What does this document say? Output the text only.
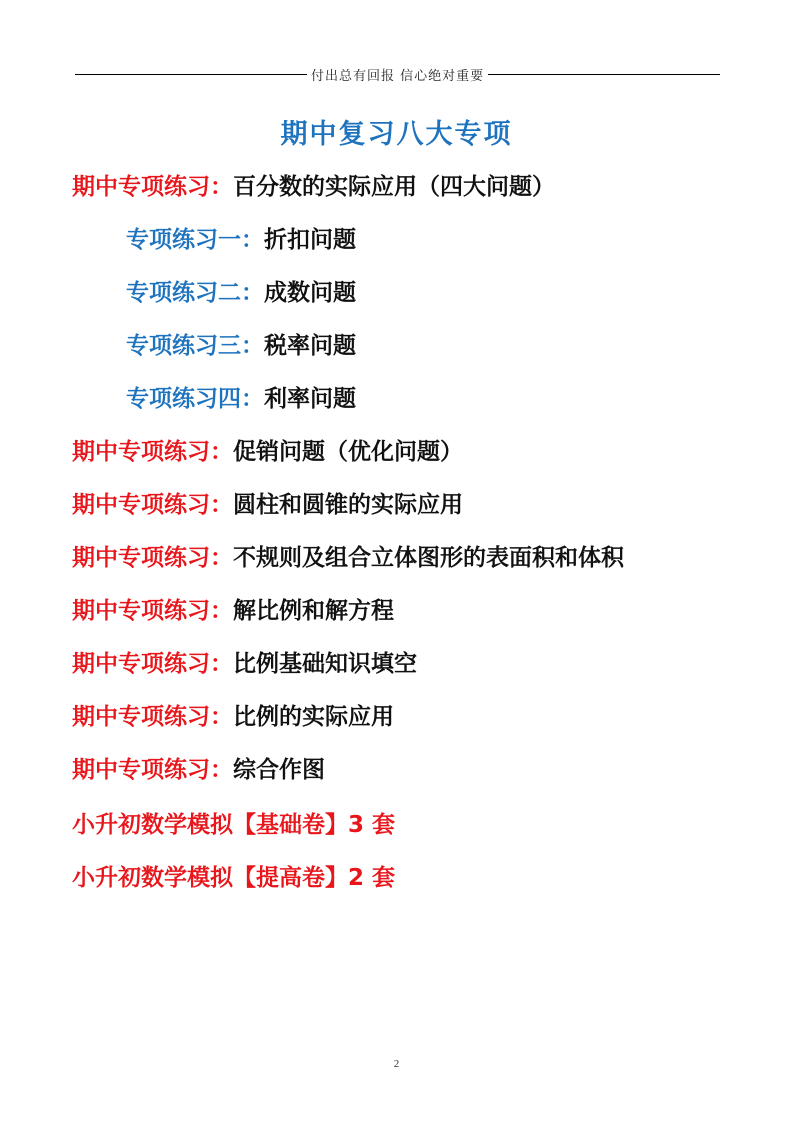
付出总有回报 信心绝对重要
期中复习八大专项
期中专项练习：百分数的实际应用（四大问题）
专项练习一：折扣问题
专项练习二：成数问题
专项练习三：税率问题
专项练习四：利率问题
期中专项练习：促销问题（优化问题）
期中专项练习：圆柱和圆锥的实际应用
期中专项练习：不规则及组合立体图形的表面积和体积
期中专项练习：解比例和解方程
期中专项练习：比例基础知识填空
期中专项练习：比例的实际应用
期中专项练习：综合作图
小升初数学模拟【基础卷】3 套
小升初数学模拟【提高卷】2 套
2
